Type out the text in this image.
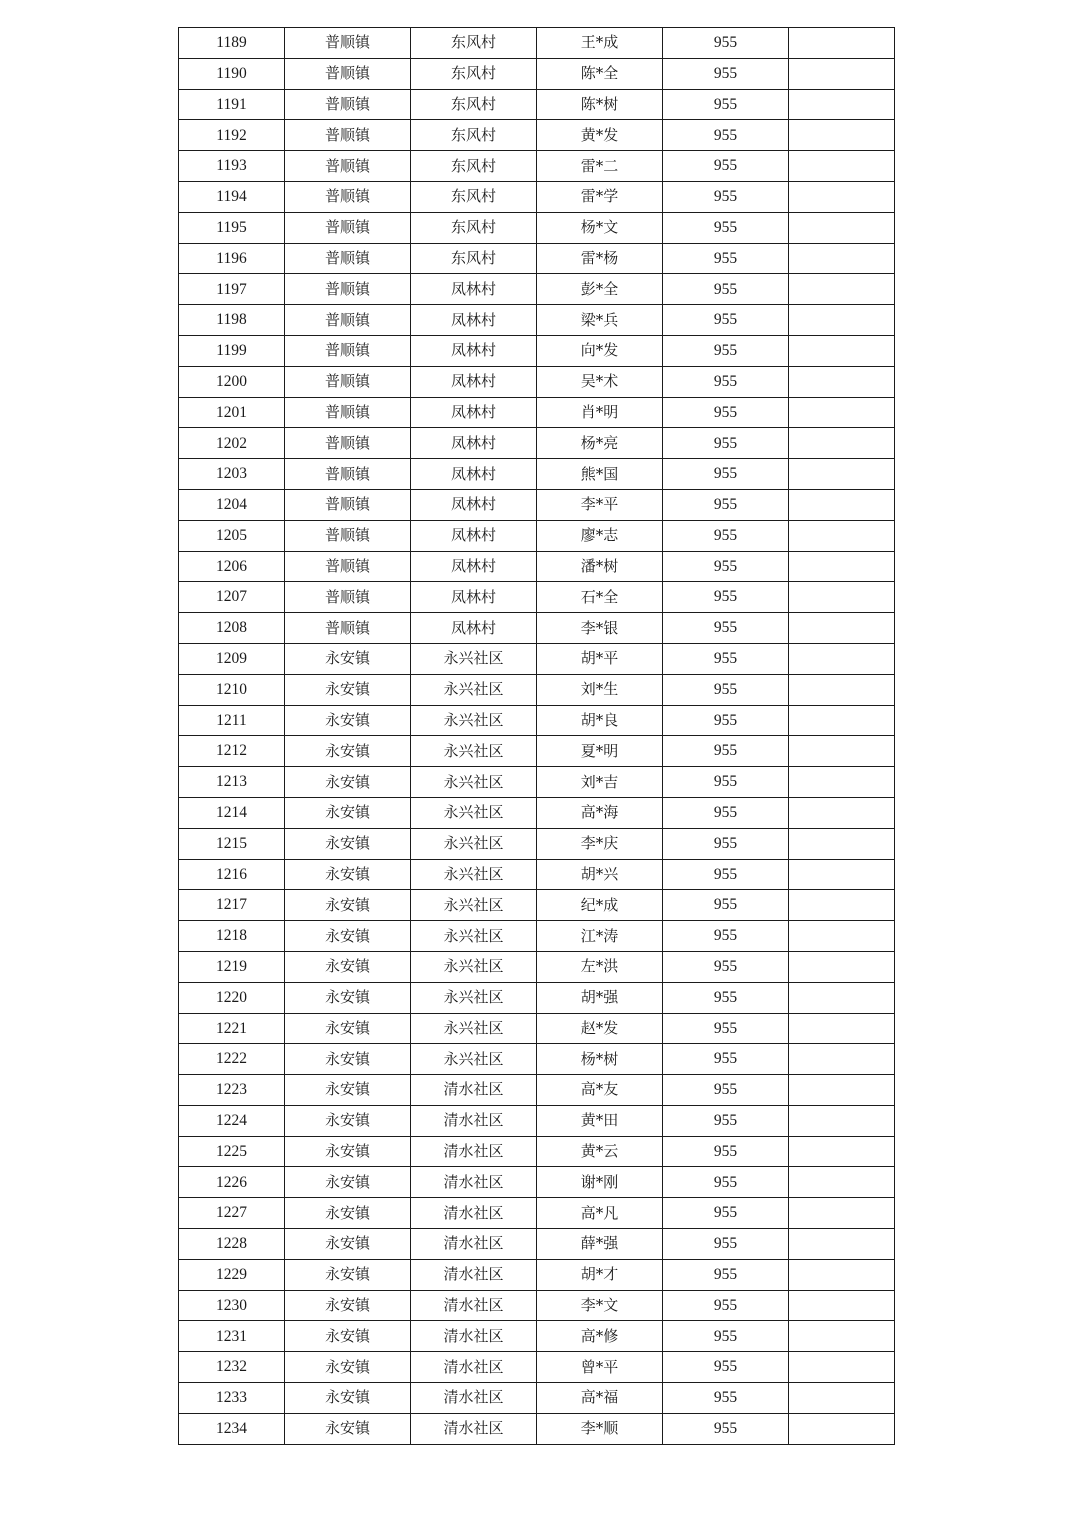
1189	普顺镇	东风村	王*成	955	
1190	普顺镇	东风村	陈*全	955	
1191	普顺镇	东风村	陈*树	955	
1192	普顺镇	东风村	黄*发	955	
1193	普顺镇	东风村	雷*二	955	
1194	普顺镇	东风村	雷*学	955	
1195	普顺镇	东风村	杨*文	955	
1196	普顺镇	东风村	雷*杨	955	
1197	普顺镇	凤林村	彭*全	955	
1198	普顺镇	凤林村	梁*兵	955	
1199	普顺镇	凤林村	向*发	955	
1200	普顺镇	凤林村	吴*术	955	
1201	普顺镇	凤林村	肖*明	955	
1202	普顺镇	凤林村	杨*亮	955	
1203	普顺镇	凤林村	熊*国	955	
1204	普顺镇	凤林村	李*平	955	
1205	普顺镇	凤林村	廖*志	955	
1206	普顺镇	凤林村	潘*树	955	
1207	普顺镇	凤林村	石*全	955	
1208	普顺镇	凤林村	李*银	955	
1209	永安镇	永兴社区	胡*平	955	
1210	永安镇	永兴社区	刘*生	955	
1211	永安镇	永兴社区	胡*良	955	
1212	永安镇	永兴社区	夏*明	955	
1213	永安镇	永兴社区	刘*吉	955	
1214	永安镇	永兴社区	高*海	955	
1215	永安镇	永兴社区	李*庆	955	
1216	永安镇	永兴社区	胡*兴	955	
1217	永安镇	永兴社区	纪*成	955	
1218	永安镇	永兴社区	江*涛	955	
1219	永安镇	永兴社区	左*洪	955	
1220	永安镇	永兴社区	胡*强	955	
1221	永安镇	永兴社区	赵*发	955	
1222	永安镇	永兴社区	杨*树	955	
1223	永安镇	清水社区	高*友	955	
1224	永安镇	清水社区	黄*田	955	
1225	永安镇	清水社区	黄*云	955	
1226	永安镇	清水社区	谢*刚	955	
1227	永安镇	清水社区	高*凡	955	
1228	永安镇	清水社区	薛*强	955	
1229	永安镇	清水社区	胡*才	955	
1230	永安镇	清水社区	李*文	955	
1231	永安镇	清水社区	高*修	955	
1232	永安镇	清水社区	曾*平	955	
1233	永安镇	清水社区	高*福	955	
1234	永安镇	清水社区	李*顺	955	
